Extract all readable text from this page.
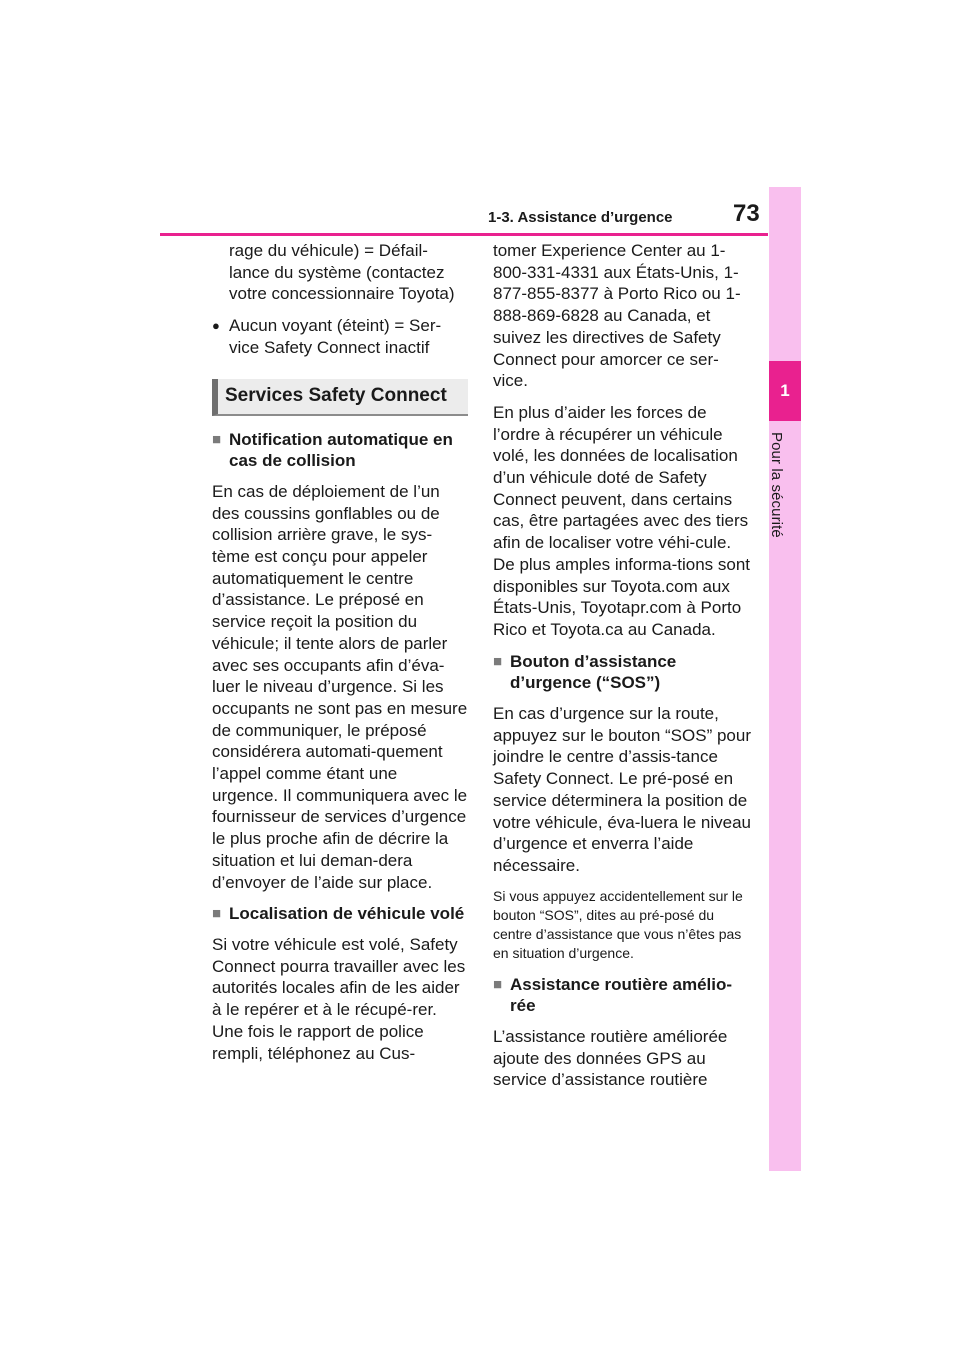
1
Pour la sécurité
1-3. Assistance d’urgence	73

rage du véhicule) = Défail-lance du système (contactez votre concessionnaire Toyota)

● Aucun voyant (éteint) = Ser-vice Safety Connect inactif
Services Safety Connect
■ Notification automatique en cas de collision

En cas de déploiement de l’un des coussins gonflables ou de collision arrière grave, le sys-tème est conçu pour appeler automatiquement le centre d’assistance. Le préposé en service reçoit la position du véhicule; il tente alors de parler avec ses occupants afin d’éva-luer le niveau d’urgence. Si les occupants ne sont pas en mesure de communiquer, le préposé considérera automati-quement l’appel comme étant une urgence. Il communiquera avec le fournisseur de services d’urgence le plus proche afin de décrire la situation et lui deman-dera d’envoyer de l’aide sur place.

■ Localisation de véhicule volé

Si votre véhicule est volé, Safety Connect pourra travailler avec les autorités locales afin de les aider à le repérer et à le récupé-rer. Une fois le rapport de police rempli, téléphonez au Cus-

tomer Experience Center au 1-800-331-4331 aux États-Unis, 1-877-855-8377 à Porto Rico ou 1-888-869-6828 au Canada, et suivez les directives de Safety Connect pour amorcer ce ser-vice.

En plus d’aider les forces de l’ordre à récupérer un véhicule volé, les données de localisation d’un véhicule doté de Safety Connect peuvent, dans certains cas, être partagées avec des tiers afin de localiser votre véhi-cule. De plus amples informa-tions sont disponibles sur Toyota.com aux États-Unis, Toyotapr.com à Porto Rico et Toyota.ca au Canada.

■ Bouton d’assistance d’urgence (“SOS”)

En cas d’urgence sur la route, appuyez sur le bouton “SOS” pour joindre le centre d’assis-tance Safety Connect. Le pré-posé en service déterminera la position de votre véhicule, éva-luera le niveau d’urgence et enverra l’aide nécessaire.

Si vous appuyez accidentellement sur le bouton “SOS”, dites au pré-posé du centre d’assistance que vous n’êtes pas en situation d’urgence.

■ Assistance routière amélio-rée

L’assistance routière améliorée ajoute des données GPS au service d’assistance routière
